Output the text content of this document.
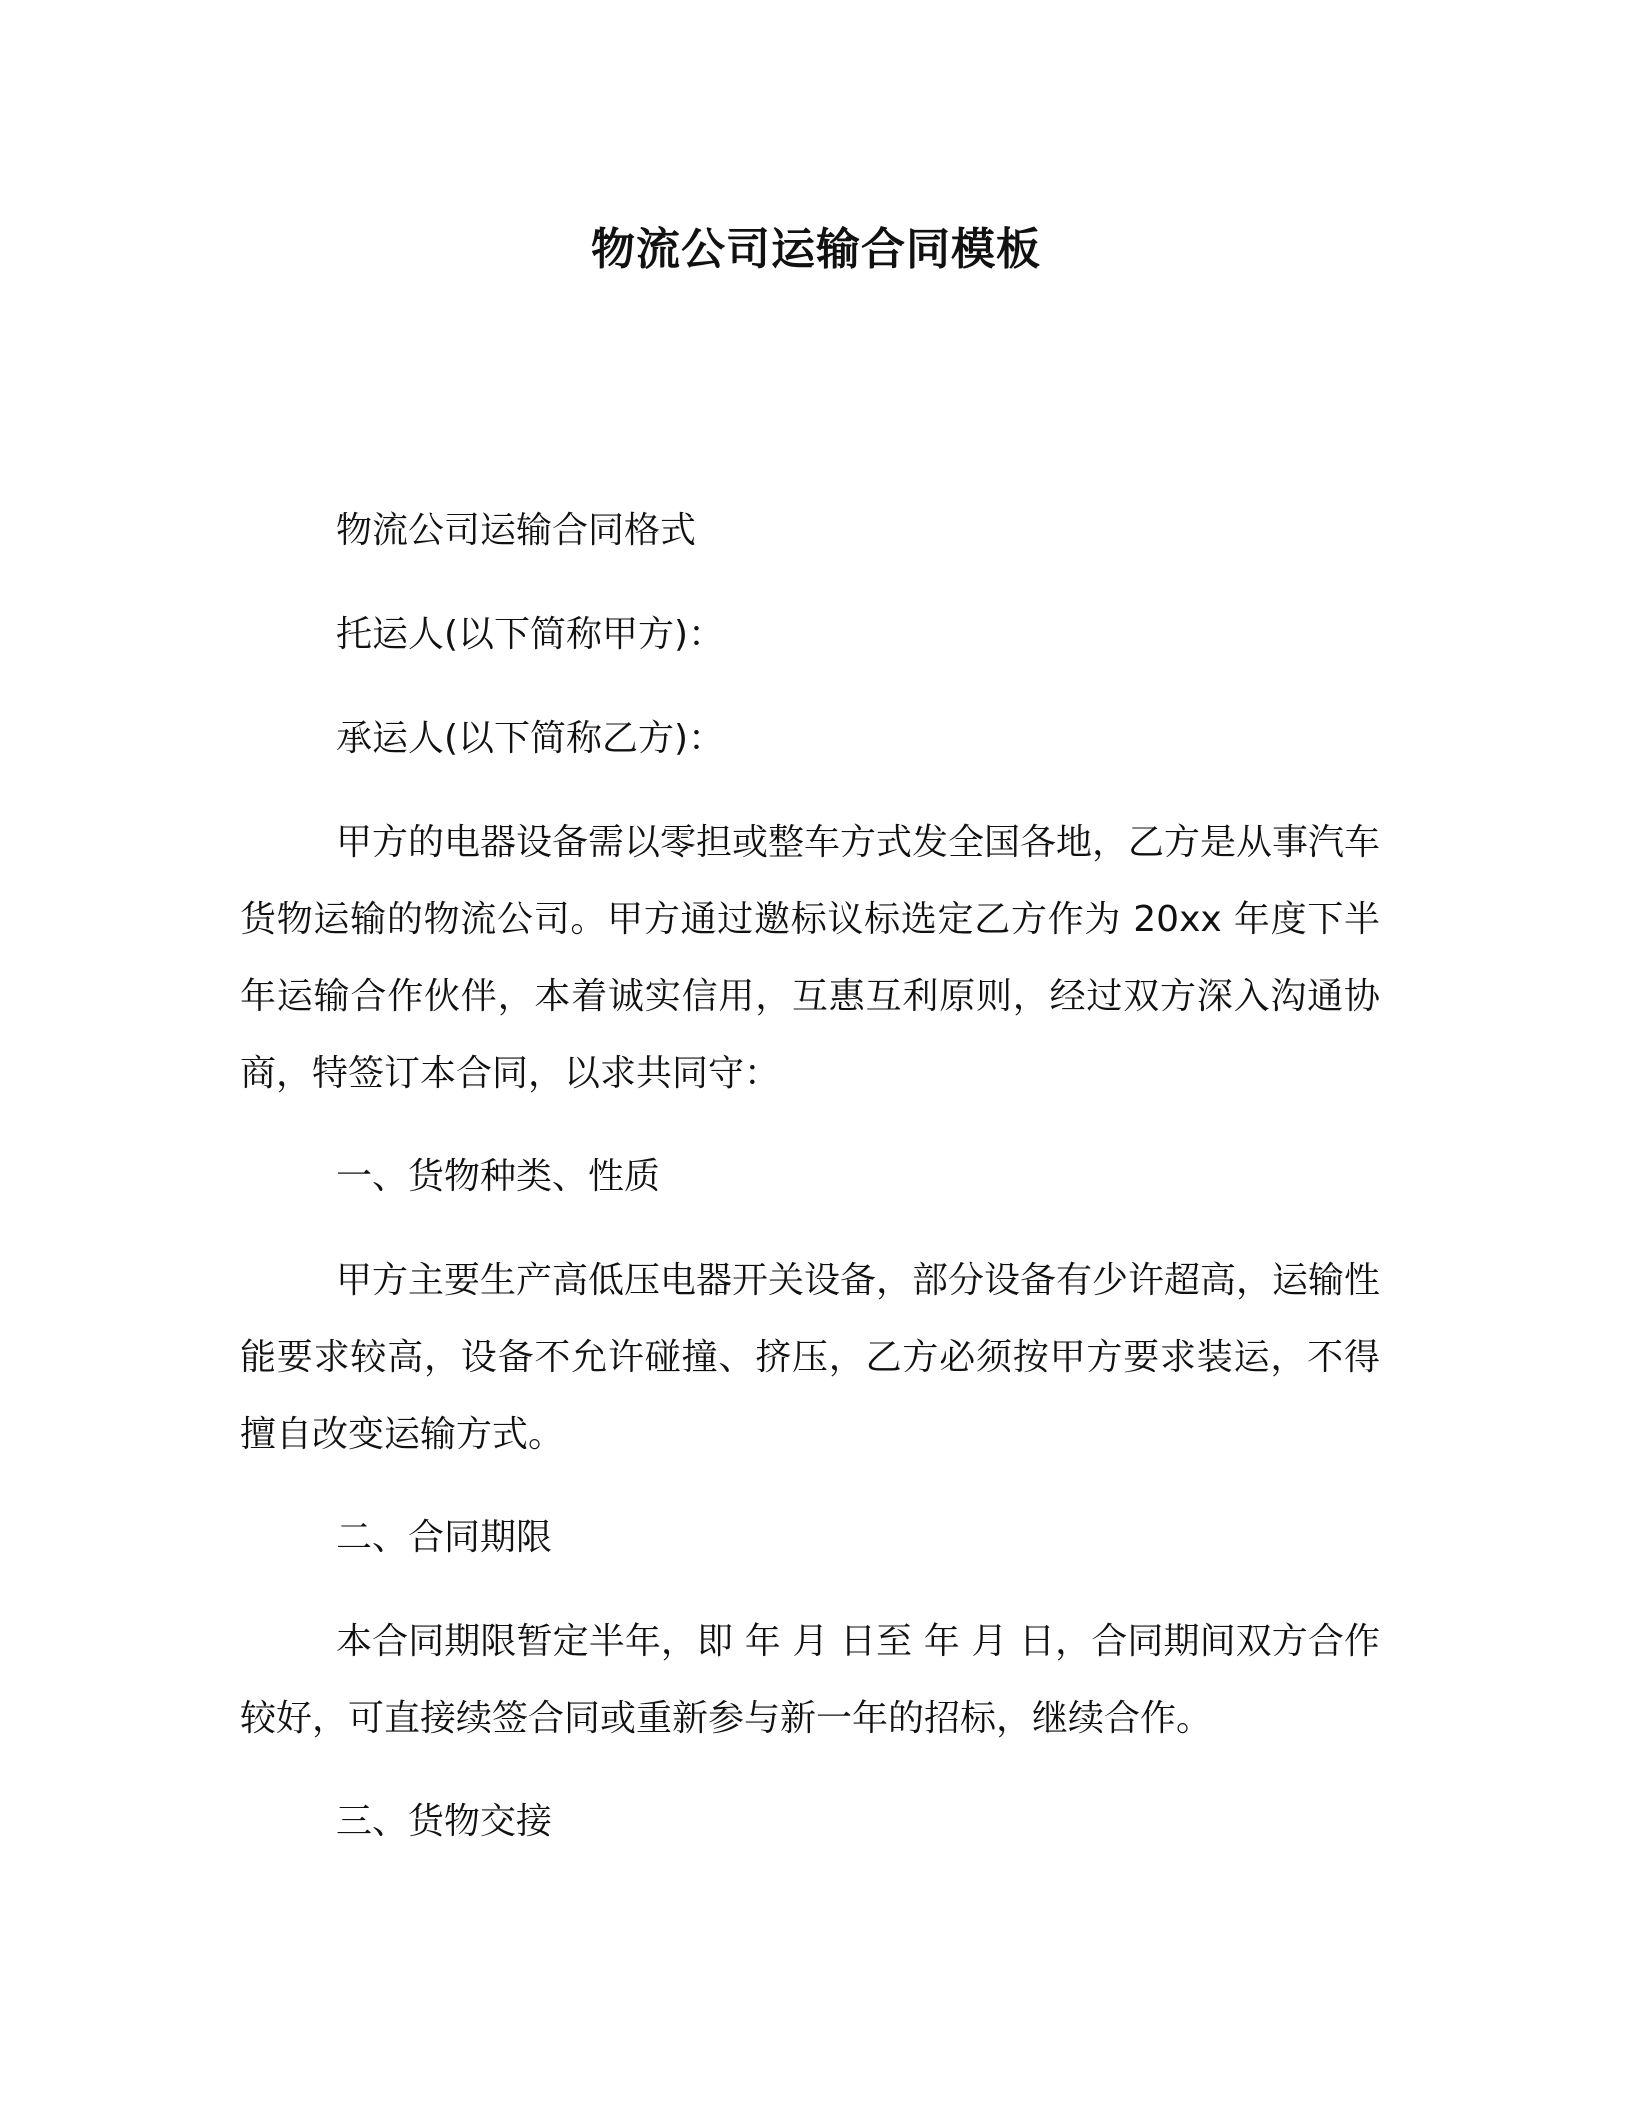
物流公司运输合同模板

物流公司运输合同格式

托运人(以下简称甲方)：

承运人(以下简称乙方)：

甲方的电器设备需以零担或整车方式发全国各地，乙方是从事汽车货物运输的物流公司。甲方通过邀标议标选定乙方作为 20xx 年度下半年运输合作伙伴，本着诚实信用，互惠互利原则，经过双方深入沟通协商，特签订本合同，以求共同守：

一、货物种类、性质

甲方主要生产高低压电器开关设备，部分设备有少许超高，运输性能要求较高，设备不允许碰撞、挤压，乙方必须按甲方要求装运，不得擅自改变运输方式。

二、合同期限

本合同期限暂定半年，即 年 月 日至 年 月 日，合同期间双方合作较好，可直接续签合同或重新参与新一年的招标，继续合作。

三、货物交接
